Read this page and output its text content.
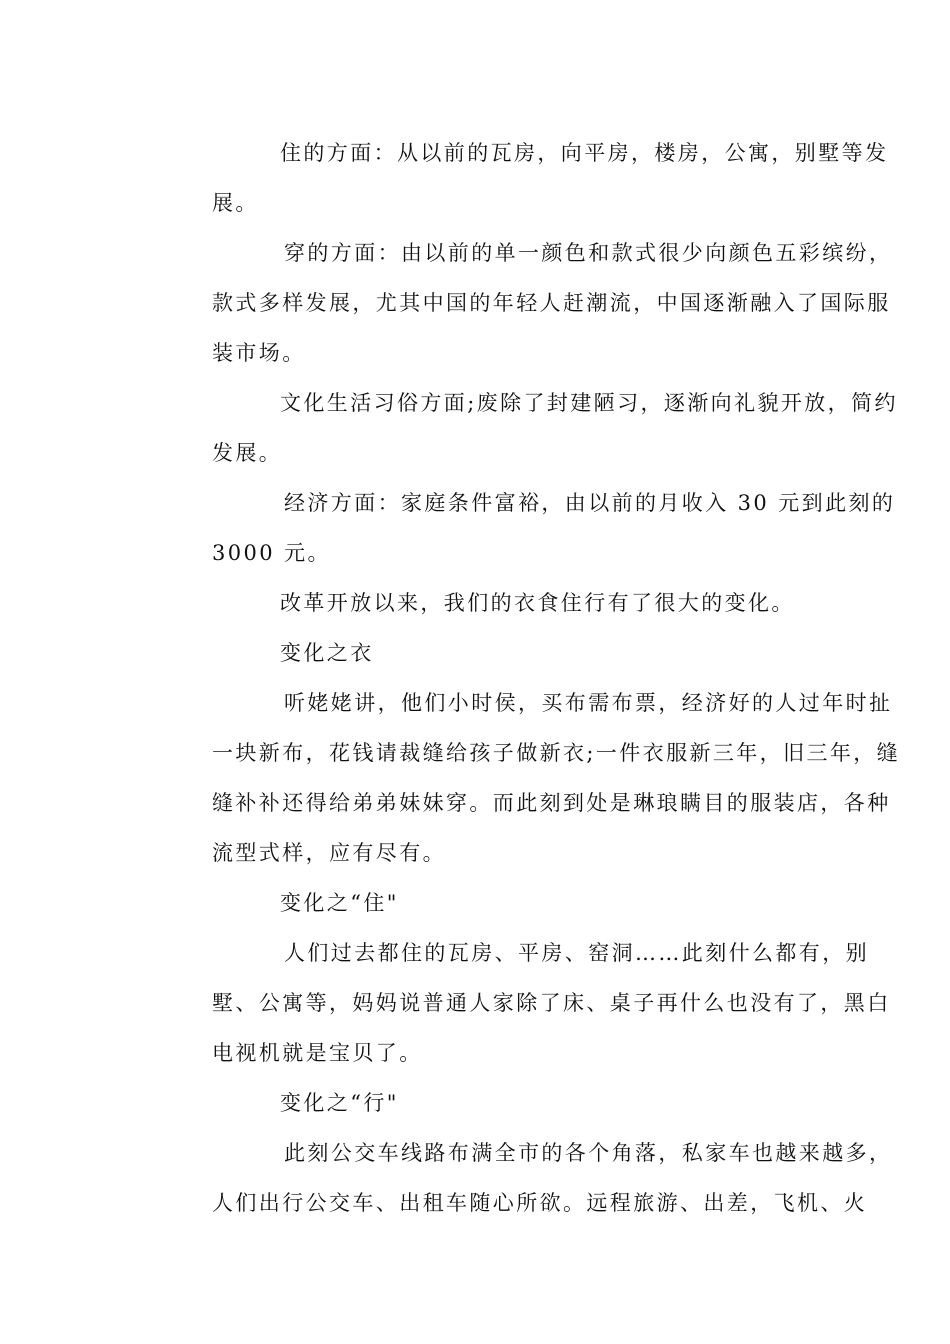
住的方面：从以前的瓦房，向平房，楼房，公寓，别墅等发
展。

穿的方面：由以前的单一颜色和款式很少向颜色五彩缤纷，
款式多样发展，尤其中国的年轻人赶潮流，中国逐渐融入了国际服
装市场。

文化生活习俗方面;废除了封建陋习，逐渐向礼貌开放，简约
发展。

经济方面：家庭条件富裕，由以前的月收入 30 元到此刻的
3000 元。

改革开放以来，我们的衣食住行有了很大的变化。

变化之衣

听姥姥讲，他们小时侯，买布需布票，经济好的人过年时扯
一块新布，花钱请裁缝给孩子做新衣;一件衣服新三年，旧三年，缝
缝补补还得给弟弟妹妹穿。而此刻到处是琳琅瞒目的服装店，各种
流型式样，应有尽有。

变化之“住"

人们过去都住的瓦房、平房、窑洞……此刻什么都有，别
墅、公寓等，妈妈说普通人家除了床、桌子再什么也没有了，黑白
电视机就是宝贝了。

变化之“行"

此刻公交车线路布满全市的各个角落，私家车也越来越多，
人们出行公交车、出租车随心所欲。远程旅游、出差，飞机、火
